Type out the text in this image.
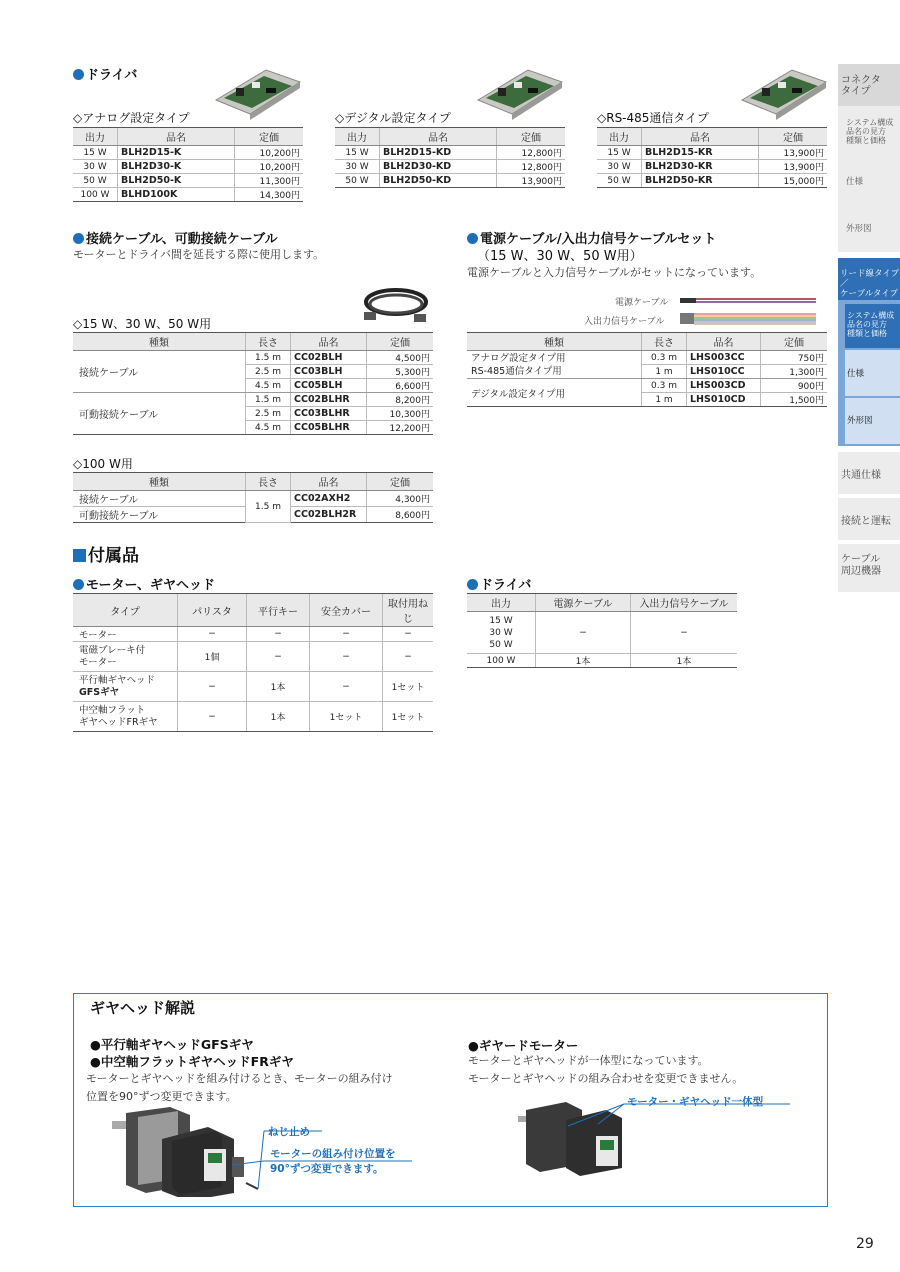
ドライバ
◇アナログ設定タイプ	◇デジタル設定タイプ	◇RS-485通信タイプ
出力	品名	定価
15 W	BLH2D15-K	10,200円
30 W	BLH2D30-K	10,200円
50 W	BLH2D50-K	11,300円
100 W	BLHD100K	14,300円
出力	品名	定価
15 W	BLH2D15-KD	12,800円
30 W	BLH2D30-KD	12,800円
50 W	BLH2D50-KD	13,900円
出力	品名	定価
15 W	BLH2D15-KR	13,900円
30 W	BLH2D30-KR	13,900円
50 W	BLH2D50-KR	15,000円
接続ケーブル、可動接続ケーブル
モーターとドライバ間を延長する際に使用します。
◇15 W、30 W、50 W用
種類	長さ	品名	定価
接続ケーブル	1.5 m	CC02BLH	4,500円
	2.5 m	CC03BLH	5,300円
	4.5 m	CC05BLH	6,600円
可動接続ケーブル	1.5 m	CC02BLHR	8,200円
	2.5 m	CC03BLHR	10,300円
	4.5 m	CC05BLHR	12,200円
◇100 W用
種類	長さ	品名	定価
接続ケーブル	1.5 m	CC02AXH2	4,300円
可動接続ケーブル		CC02BLH2R	8,600円
電源ケーブル/入出力信号ケーブルセット
（15 W、30 W、50 W用）
電源ケーブルと入力信号ケーブルがセットになっています。
電源ケーブル
入出力信号ケーブル
種類	長さ	品名	定価
アナログ設定タイプ用
RS-485通信タイプ用	0.3 m	LHS003CC	750円
	1 m	LHS010CC	1,300円
デジタル設定タイプ用	0.3 m	LHS003CD	900円
	1 m	LHS010CD	1,500円
付属品
モーター、ギヤヘッド
タイプ	パリスタ	平行キー	安全カバー	取付用ねじ
モーター	−	−	−	−
電磁ブレーキ付
モーター	1個	−	−	−
平行軸ギヤヘッド
GFSギヤ	−	1本	−	1セット
中空軸フラット
ギヤヘッドFRギヤ	−	1本	1セット	1セット
ドライバ
出力	電源ケーブル	入出力信号ケーブル
15 W
30 W
50 W	−	−
100 W	1本	1本
ギヤヘッド解説
●平行軸ギヤヘッドGFSギヤ
●中空軸フラットギヤヘッドFRギヤ
モーターとギヤヘッドを組み付けるとき、モーターの組み付け
位置を90°ずつ変更できます。
ねじ止め
モーターの組み付け位置を
90°ずつ変更できます。
●ギヤードモーター
モーターとギヤヘッドが一体型になっています。
モーターとギヤヘッドの組み合わせを変更できません。
モーター・ギヤヘッド一体型
コネクタ
タイプ
システム構成
品名の見方
種類と価格
仕様
外形図
リード線タイプ／
ケーブルタイプ
システム構成
品名の見方
種類と価格
仕様
外形図
共通仕様
接続と運転
ケーブル
周辺機器
29
